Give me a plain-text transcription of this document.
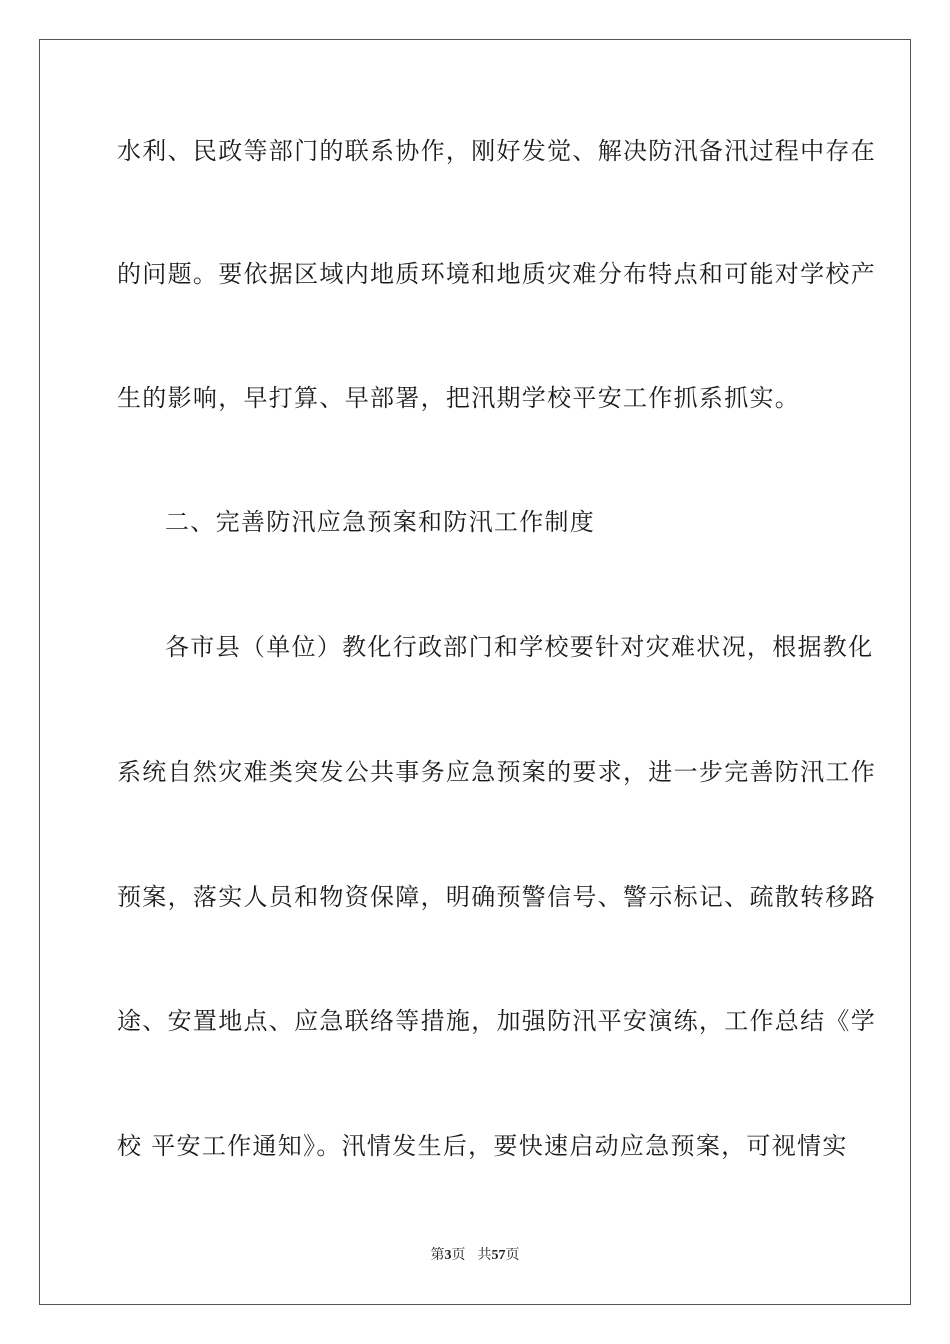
水利、民政等部门的联系协作，刚好发觉、解决防汛备汛过程中存在
的问题。要依据区域内地质环境和地质灾难分布特点和可能对学校产
生的影响，早打算、早部署，把汛期学校平安工作抓系抓实。
二、完善防汛应急预案和防汛工作制度
各市县（单位）教化行政部门和学校要针对灾难状况，根据教化
系统自然灾难类突发公共事务应急预案的要求，进一步完善防汛工作
预案，落实人员和物资保障，明确预警信号、警示标记、疏散转移路
途、安置地点、应急联络等措施，加强防汛平安演练，工作总结《学
校 平安工作通知》。汛情发生后，要快速启动应急预案，可视情实
第3页 共57页
